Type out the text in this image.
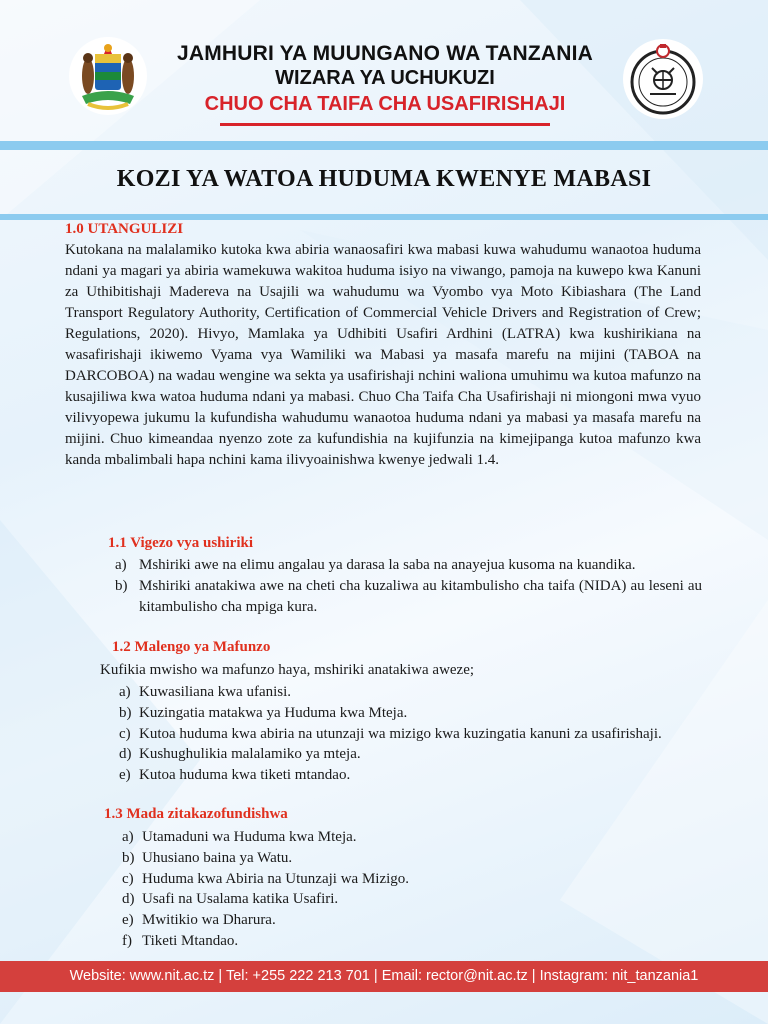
JAMHURI YA MUUNGANO WA TANZANIA
WIZARA YA UCHUKUZI
CHUO CHA TAIFA CHA USAFIRISHAJI
KOZI YA WATOA HUDUMA KWENYE MABASI
1.0 UTANGULIZI

Kutokana na malalamiko kutoka kwa abiria wanaosafiri kwa mabasi kuwa wahudumu wanaotoa huduma ndani ya magari ya abiria wamekuwa wakitoa huduma isiyo na viwango, pamoja na kuwepo kwa Kanuni za Uthibitishaji Madereva na Usajili wa wahudumu wa Vyombo vya Moto Kibiashara (The Land Transport Regulatory Authority, Certification of Commercial Vehicle Drivers and Registration of Crew; Regulations, 2020). Hivyo, Mamlaka ya Udhibiti Usafiri Ardhini (LATRA) kwa kushirikiana na wasafirishaji ikiwemo Vyama vya Wamiliki wa Mabasi ya masafa marefu na mijini (TABOA na DARCOBOA) na wadau wengine wa sekta ya usafirishaji nchini waliona umuhimu wa kutoa mafunzo na kusajiliwa kwa watoa huduma ndani ya mabasi. Chuo Cha Taifa Cha Usafirishaji ni miongoni mwa vyuo vilivyopewa jukumu la kufundisha wahudumu wanaotoa huduma ndani ya mabasi ya masafa marefu na mijini. Chuo kimeandaa nyenzo zote za kufundishia na kujifunzia na kimejipanga kutoa mafunzo kwa kanda mbalimbali hapa nchini kama ilivyoainishwa kwenye jedwali 1.4.

1.1 Vigezo vya ushiriki
a) Mshiriki awe na elimu angalau ya darasa la saba na anayejua kusoma na kuandika.
b) Mshiriki anatakiwa awe na cheti cha kuzaliwa au kitambulisho cha taifa (NIDA) au leseni au kitambulisho cha mpiga kura.
1.2 Malengo ya Mafunzo
Kufikia mwisho wa mafunzo haya, mshiriki anatakiwa aweze;
a) Kuwasiliana kwa ufanisi.
b) Kuzingatia matakwa ya Huduma kwa Mteja.
c) Kutoa huduma kwa abiria na utunzaji wa mizigo kwa kuzingatia kanuni za usafirishaji.
d) Kushughulikia malalamiko ya mteja.
e) Kutoa huduma kwa tiketi mtandao.
1.3 Mada zitakazofundishwa
a) Utamaduni wa Huduma kwa Mteja.
b) Uhusiano baina ya Watu.
c) Huduma kwa Abiria na Utunzaji wa Mizigo.
d) Usafi na Usalama katika Usafiri.
e) Mwitikio wa Dharura.
f) Tiketi Mtandao.
Website: www.nit.ac.tz | Tel: +255 222 213 701 | Email: rector@nit.ac.tz | Instagram: nit_tanzania1
